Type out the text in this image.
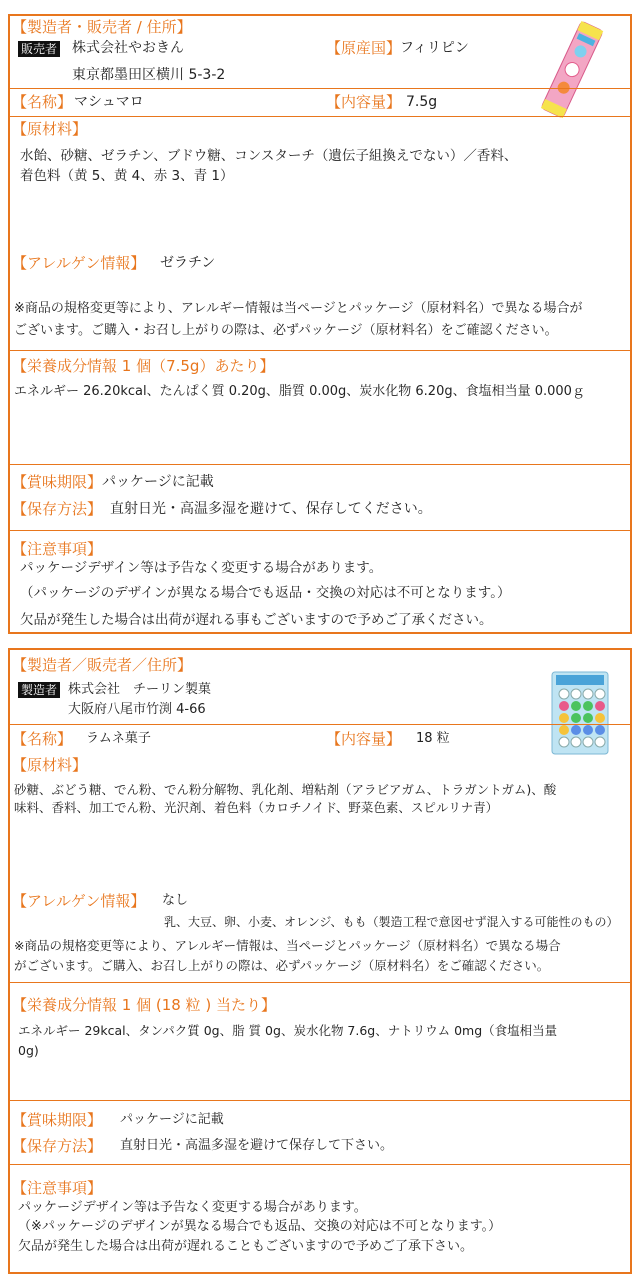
【製造者・販売者 / 住所】
販売者 株式会社やおきん
東京都墨田区横川 5-3-2
【原産国】
フィリピン
【名称】 マシュマロ	【内容量】 7.5g
【原材料】
水飴、砂糖、ゼラチン、ブドウ糖、コンスターチ（遺伝子組換えでない）／香料、
着色料（黄 5、黄 4、赤 3、青 1）
【アレルゲン情報】 ゼラチン
※商品の規格変更等により、アレルギー情報は当ページとパッケージ（原材料名）で異なる場合が
ございます。ご購入・お召し上がりの際は、必ずパッケージ（原材料名）をご確認ください。
【栄養成分情報 1 個（7.5g）あたり】
エネルギー 26.20kcal、たんぱく質 0.20g、脂質 0.00g、炭水化物 6.20g、食塩相当量 0.000ｇ
【賞味期限】 パッケージに記載
【保存方法】 直射日光・高温多湿を避けて、保存してください。
【注意事項】
パッケージデザイン等は予告なく変更する場合があります。
（パッケージのデザインが異なる場合でも返品・交換の対応は不可となります。）
欠品が発生した場合は出荷が遅れる事もございますので予めご了承ください。
【製造者／販売者／住所】
製造者 株式会社　チーリン製菓
大阪府八尾市竹渕 4-66
【名称】 ラムネ菓子	【内容量】 18 粒
【原材料】
砂糖、ぶどう糖、でん粉、でん粉分解物、乳化剤、増粘剤（アラビアガム、トラガントガム)、酸
味料、香料、加工でん粉、光沢剤、着色料（カロチノイド、野菜色素、スピルリナ青）
【アレルゲン情報】 なし
乳、大豆、卵、小麦、オレンジ、もも（製造工程で意図せず混入する可能性のもの）
※商品の規格変更等により、アレルギー情報は、当ページとパッケージ（原材料名）で異なる場合
がございます。ご購入、お召し上がりの際は、必ずパッケージ（原材料名）をご確認ください。
【栄養成分情報 1 個 (18 粒 ) 当たり】
エネルギー 29kcal、タンパク質 0g、脂 質 0g、炭水化物 7.6g、ナトリウム 0mg（食塩相当量
0g)
【賞味期限】 パッケージに記載
【保存方法】 直射日光・高温多湿を避けて保存して下さい。
【注意事項】
パッケージデザイン等は予告なく変更する場合があります。
（※パッケージのデザインが異なる場合でも返品、交換の対応は不可となります。）
欠品が発生した場合は出荷が遅れることもございますので予めご了承下さい。
